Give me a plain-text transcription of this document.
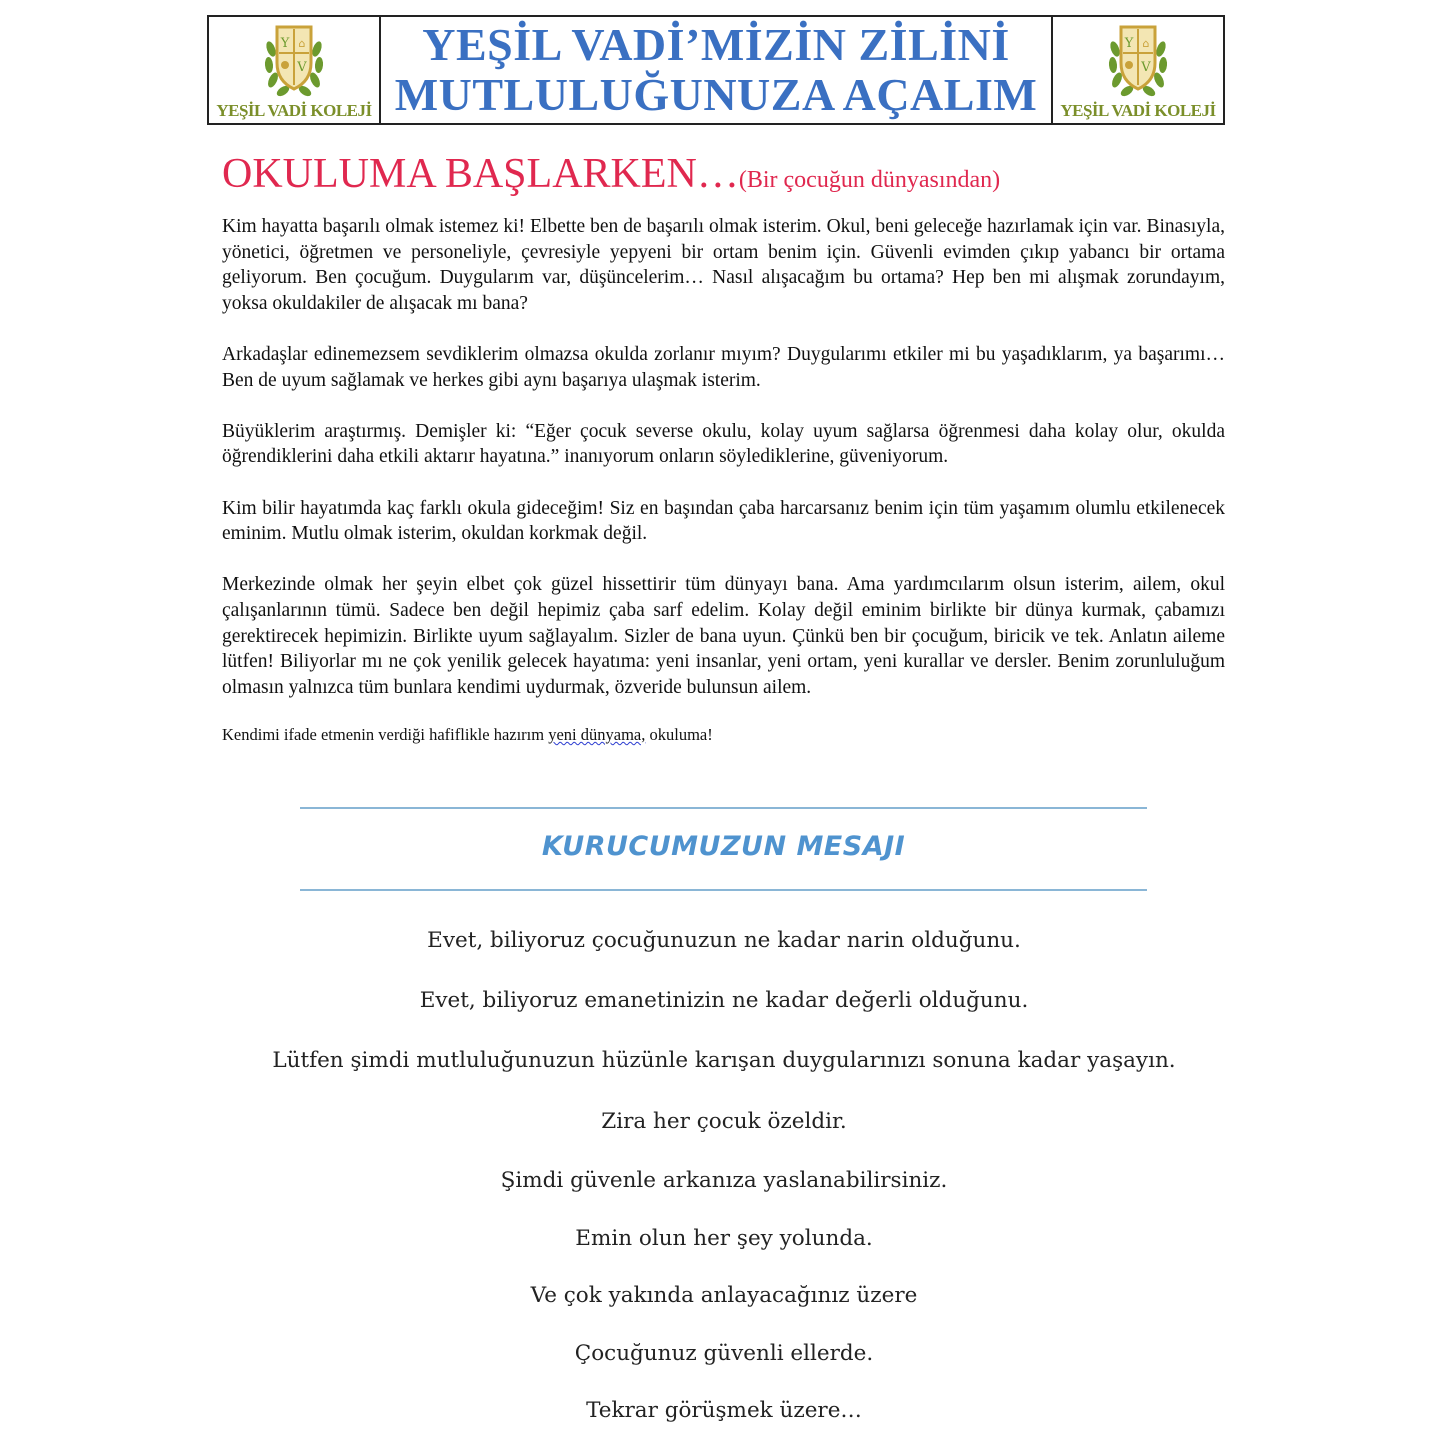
Y ⌂
V
YEŞİL VADİ KOLEJİ
YEŞİL VADİ’MİZİN ZİLİNİ
MUTLULUĞUNUZA AÇALIM
Y ⌂
V
YEŞİL VADİ KOLEJİ
OKULUMA BAŞLARKEN…(Bir çocuğun dünyasından)

Kim hayatta başarılı olmak istemez ki! Elbette ben de başarılı olmak isterim. Okul, beni geleceğe hazırlamak için var. Binasıyla, yönetici, öğretmen ve personeliyle, çevresiyle yepyeni bir ortam benim için. Güvenli evimden çıkıp yabancı bir ortama geliyorum. Ben çocuğum. Duygularım var, düşüncelerim… Nasıl alışacağım bu ortama? Hep ben mi alışmak zorundayım, yoksa okuldakiler de alışacak mı bana?

Arkadaşlar edinemezsem sevdiklerim olmazsa okulda zorlanır mıyım? Duygularımı etkiler mi bu yaşadıklarım, ya başarımı… Ben de uyum sağlamak ve herkes gibi aynı başarıya ulaşmak isterim.

Büyüklerim araştırmış. Demişler ki: “Eğer çocuk severse okulu, kolay uyum sağlarsa öğrenmesi daha kolay olur, okulda öğrendiklerini daha etkili aktarır hayatına.” inanıyorum onların söylediklerine, güveniyorum.

Kim bilir hayatımda kaç farklı okula gideceğim! Siz en başından çaba harcarsanız benim için tüm yaşamım olumlu etkilenecek eminim. Mutlu olmak isterim, okuldan korkmak değil.

Merkezinde olmak her şeyin elbet çok güzel hissettirir tüm dünyayı bana. Ama yardımcılarım olsun isterim, ailem, okul çalışanlarının tümü. Sadece ben değil hepimiz çaba sarf edelim. Kolay değil eminim birlikte bir dünya kurmak, çabamızı gerektirecek hepimizin. Birlikte uyum sağlayalım. Sizler de bana uyun. Çünkü ben bir çocuğum, biricik ve tek. Anlatın aileme lütfen! Biliyorlar mı ne çok yenilik gelecek hayatıma: yeni insanlar, yeni ortam, yeni kurallar ve dersler. Benim zorunluluğum olmasın yalnızca tüm bunlara kendimi uydurmak, özveride bulunsun ailem.

Kendimi ifade etmenin verdiği hafiflikle hazırım yeni dünyama, okuluma!

KURUCUMUZUN MESAJI
Evet, biliyoruz çocuğunuzun ne kadar narin olduğunu.
Evet, biliyoruz emanetinizin ne kadar değerli olduğunu.
Lütfen şimdi mutluluğunuzun hüzünle karışan duygularınızı sonuna kadar yaşayın.
Zira her çocuk özeldir.
Şimdi güvenle arkanıza yaslanabilirsiniz.
Emin olun her şey yolunda.
Ve çok yakında anlayacağınız üzere
Çocuğunuz güvenli ellerde.
Tekrar görüşmek üzere…
